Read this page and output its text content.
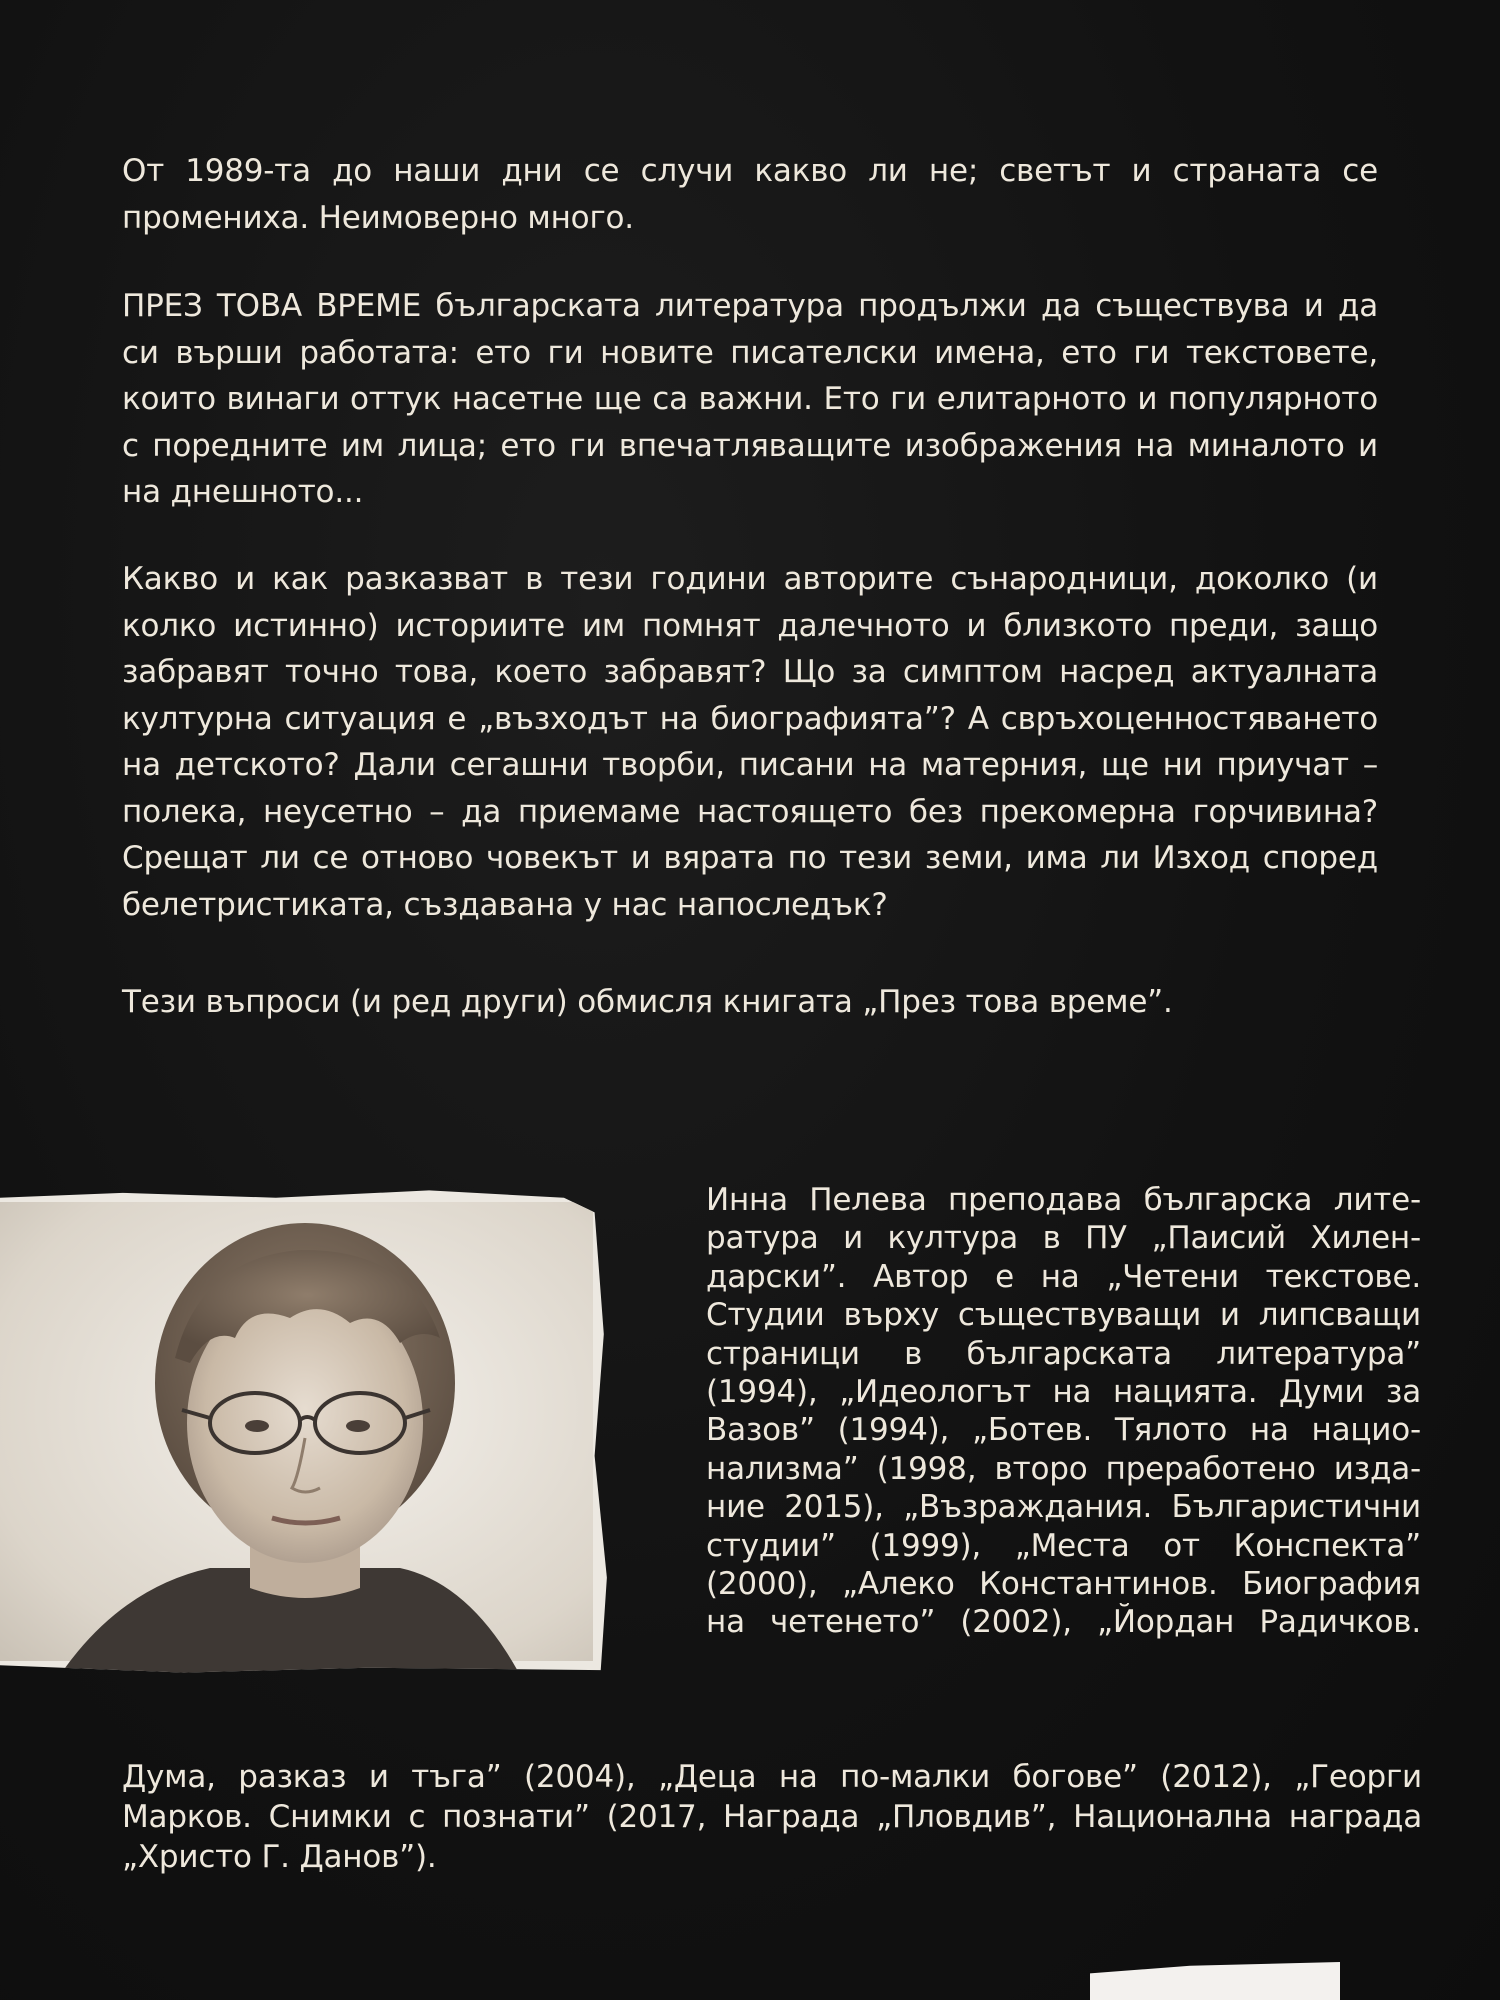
От 1989-та до наши дни се случи какво ли не; светът и страната се промениха. Неимоверно много.

ПРЕЗ ТОВА ВРЕМЕ българската литература продължи да съществува и да си върши работата: ето ги новите писателски имена, ето ги текстовете, които винаги оттук насетне ще са важни. Ето ги елитарното и популярното с поредните им лица; ето ги впечатляващите изображения на миналото и на днешното...

Какво и как разказват в тези години авторите сънародници, доколко (и колко истинно) историите им помнят далечното и близкото преди, защо забравят точно това, което забравят? Що за симптом насред актуалната културна ситуация е „възходът на биографията”? А свръхоценностяването на детското? Дали сегашни творби, писани на матерния, ще ни приучат – полека, неусетно – да приемаме настоящето без прекомерна горчивина? Срещат ли се отново човекът и вярата по тези земи, има ли Изход според белетристиката, създавана у нас напоследък?

Тези въпроси (и ред други) обмисля книгата „През това време”.

Инна Пелева преподава българска лите-
ратура и култура в ПУ „Паисий Хилен-
дарски”. Автор е на „Четени текстове.
Студии върху съществуващи и липсващи
страници в българската литература”
(1994), „Идеологът на нацията. Думи за
Вазов” (1994), „Ботев. Тялото на нацио-
нализма” (1998, второ преработено изда-
ние 2015), „Възраждания. Българистични
студии” (1999), „Места от Конспекта”
(2000), „Алеко Константинов. Биография
на четенето” (2002), „Йордан Радичков.
Дума, разказ и тъга” (2004), „Деца на по-малки богове” (2012), „Георги
Марков. Снимки с познати” (2017, Награда „Пловдив”, Национална награда
„Христо Г. Данов”).
